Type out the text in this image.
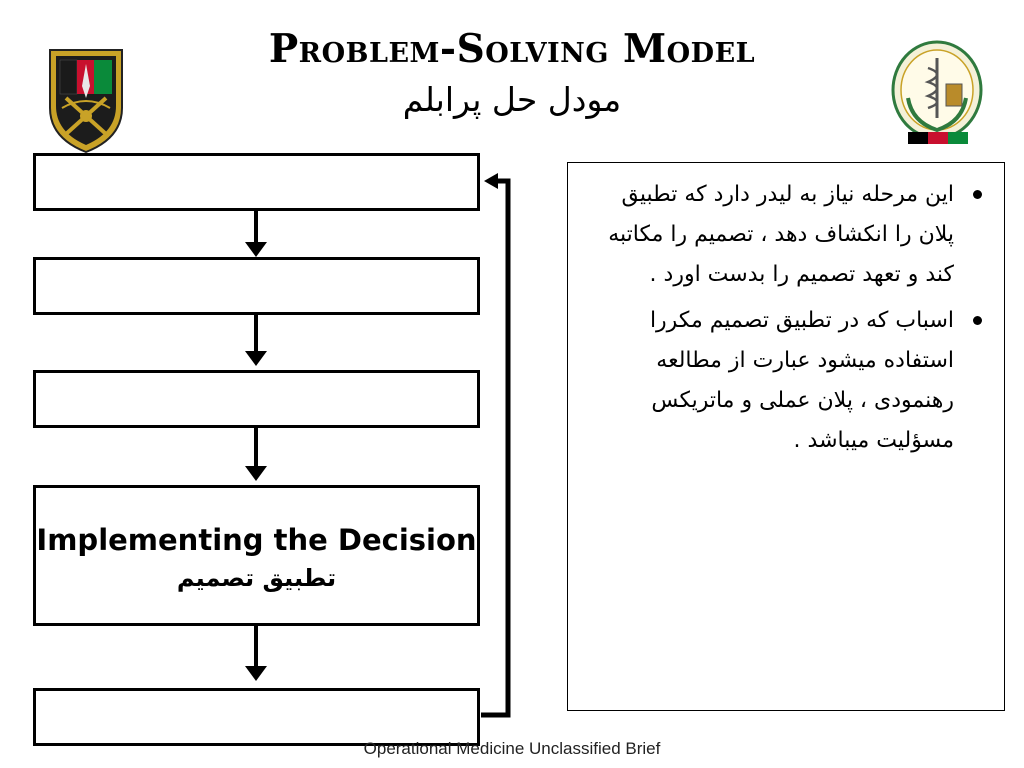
Problem-Solving Model
مودل حل پرابلم
Implementing the Decision
تطبیق تصمیم
این مرحله نیاز به لیدر دارد که تطبیق پلان را انکشاف دهد ، تصمیم را مکاتبه کند و تعهد تصمیم را بدست اورد .
اسباب که در تطبیق تصمیم مکررا استفاده میشود عبارت از مطالعه رهنمودی ، پلان عملی و ماتریکس مسؤلیت میباشد .
Operational Medicine Unclassified Brief
